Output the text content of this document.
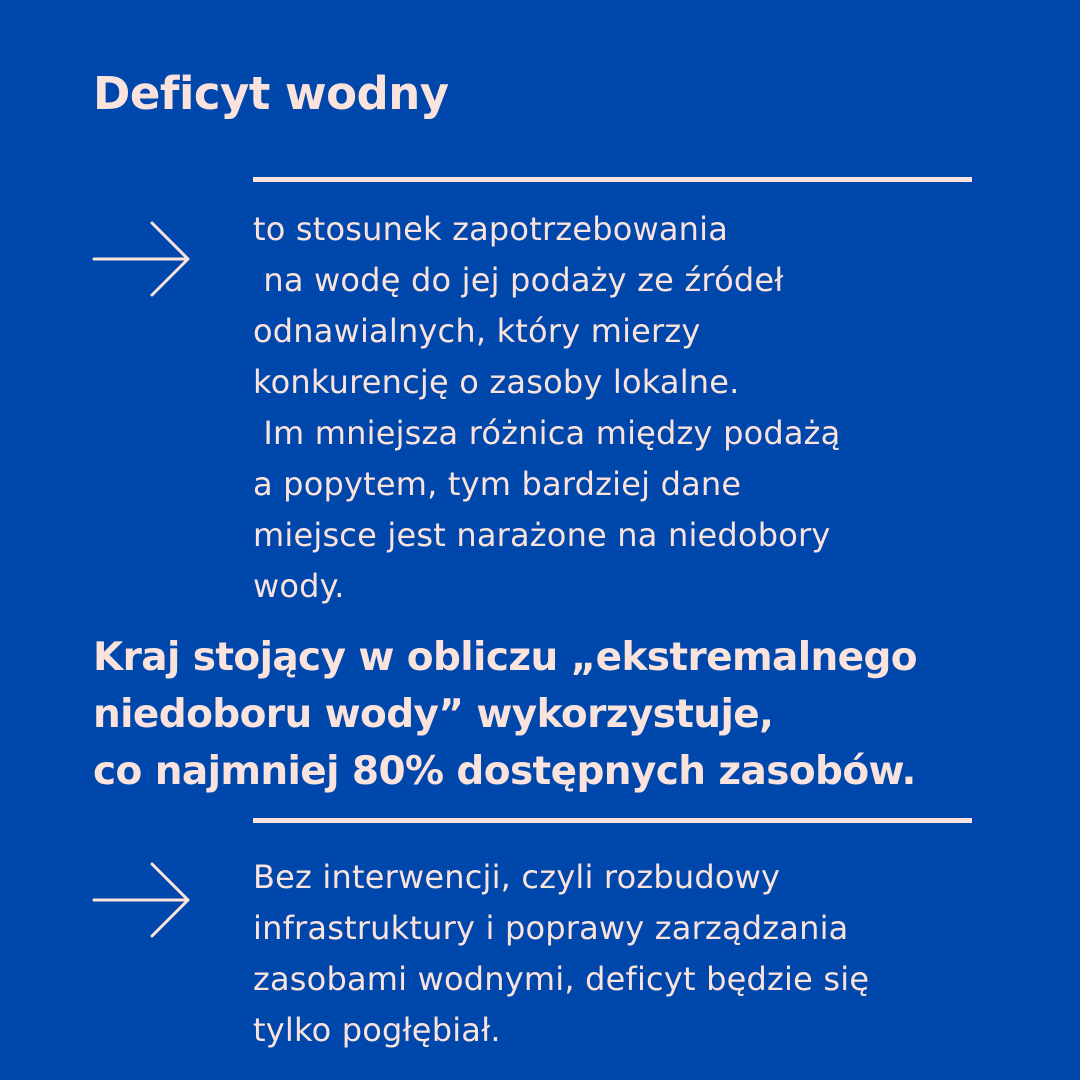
Deficyt wodny

to stosunek zapotrzebowania
na wodę do jej podaży ze źródeł
odnawialnych, który mierzy
konkurencję o zasoby lokalne.
Im mniejsza różnica między podażą
a popytem, tym bardziej dane
miejsce jest narażone na niedobory
wody.

Kraj stojący w obliczu „ekstremalnego
niedoboru wody” wykorzystuje,
co najmniej 80% dostępnych zasobów.

Bez interwencji, czyli rozbudowy
infrastruktury i poprawy zarządzania
zasobami wodnymi, deficyt będzie się
tylko pogłębiał.
